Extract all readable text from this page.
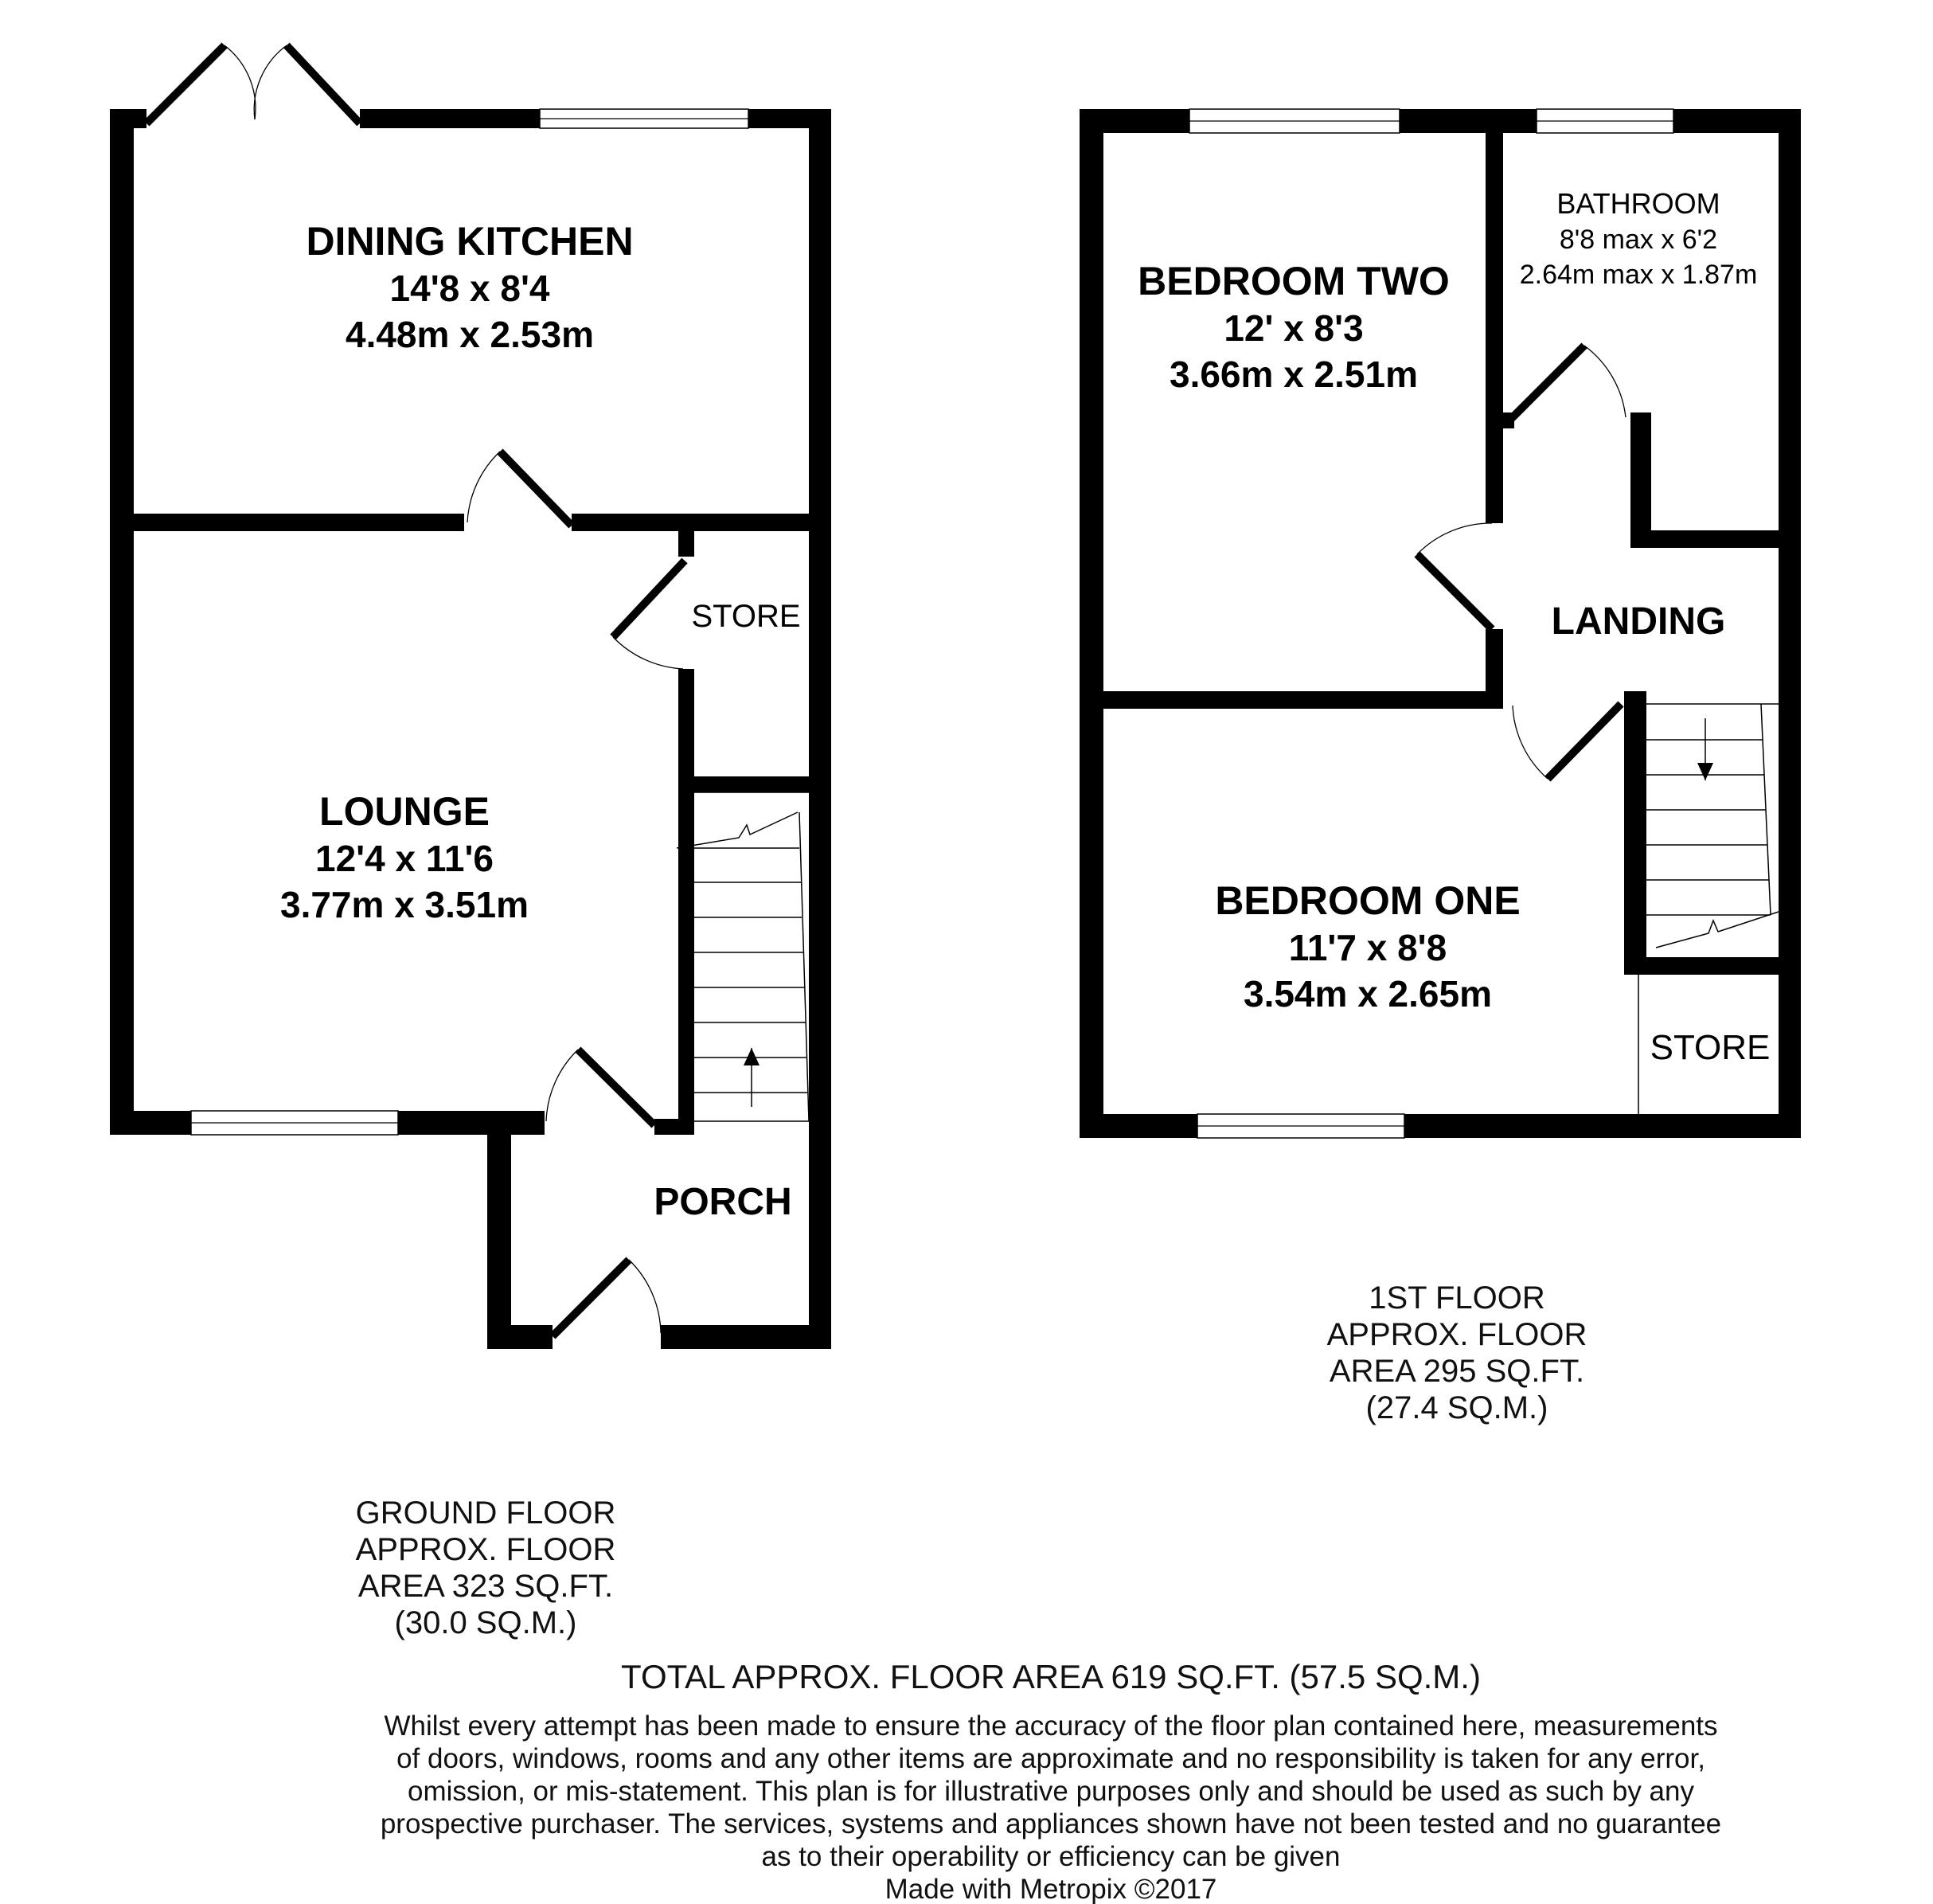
DINING KITCHEN
14'8 x 8'4
4.48m x 2.53m
STORE
LOUNGE
12'4 x 11'6
3.77m x 3.51m
PORCH
BEDROOM TWO
12' x 8'3
3.66m x 2.51m
BATHROOM
8'8 max x 6'2
2.64m max x 1.87m
LANDING
BEDROOM ONE
11'7 x 8'8
3.54m x 2.65m
STORE
1ST FLOOR
APPROX. FLOOR
AREA 295 SQ.FT.
(27.4 SQ.M.)
GROUND FLOOR
APPROX. FLOOR
AREA 323 SQ.FT.
(30.0 SQ.M.)
TOTAL APPROX. FLOOR AREA 619 SQ.FT. (57.5 SQ.M.)
Whilst every attempt has been made to ensure the accuracy of the floor plan contained here, measurements
of doors, windows, rooms and any other items are approximate and no responsibility is taken for any error,
omission, or mis-statement. This plan is for illustrative purposes only and should be used as such by any
prospective purchaser. The services, systems and appliances shown have not been tested and no guarantee
as to their operability or efficiency can be given
Made with Metropix ©2017
